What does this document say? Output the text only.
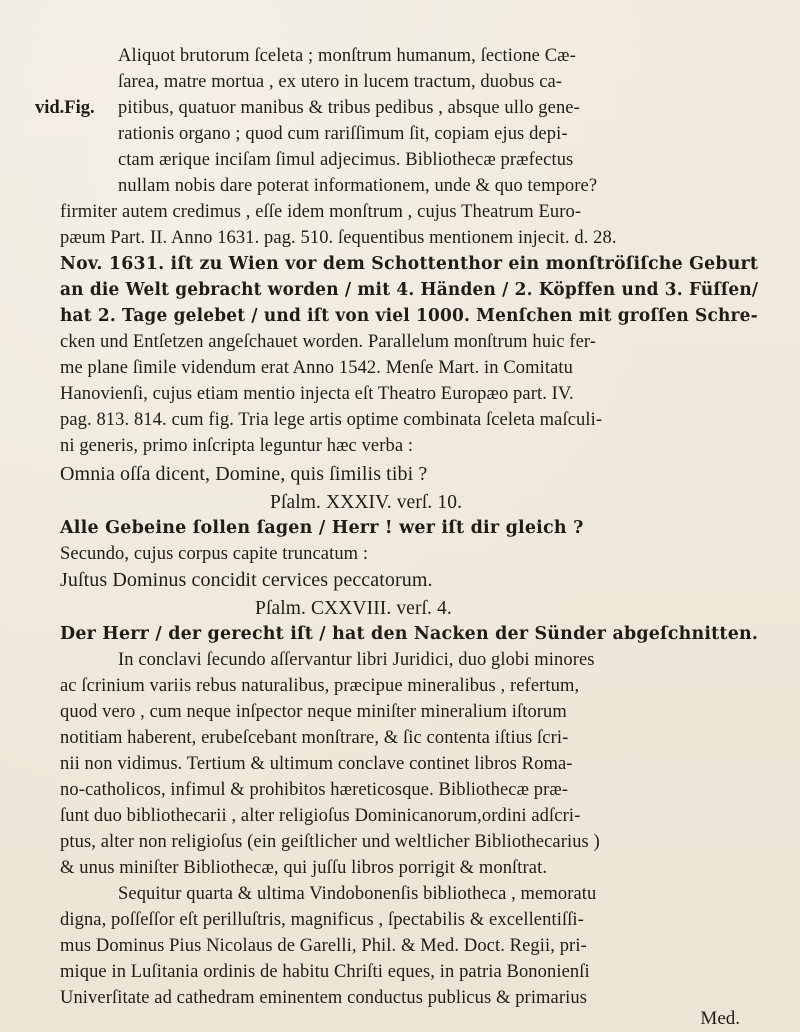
vid.Fig.
Aliquot brutorum ſceleta ; monſtrum humanum, ſectione Cæ-
ſarea, matre mortua , ex utero in lucem tractum, duobus ca-
pitibus, quatuor manibus & tribus pedibus , absque ullo gene-
rationis organo ; quod cum rariſſimum ſit, copiam ejus depi-
ctam ærique inciſam ſimul adjecimus. Bibliothecæ præfectus
nullam nobis dare poterat informationem, unde & quo tempore?
firmiter autem credimus , eſſe idem monſtrum , cujus Theatrum Euro-
pæum Part. II. Anno 1631. pag. 510. ſequentibus mentionem injecit. d. 28.
Nov. 1631. iſt zu Wien vor dem Schottenthor ein monſtröſiſche Geburt
an die Welt gebracht worden / mit 4. Händen / 2. Köpffen und 3. Füſſen/
hat 2. Tage gelebet / und iſt von viel 1000. Menſchen mit groſſen Schre-
cken und Entſetzen angeſchauet worden. Parallelum monſtrum huic fer-
me plane ſimile videndum erat Anno 1542. Menſe Mart. in Comitatu
Hanovienſi, cujus etiam mentio injecta eſt Theatro Europæo part. IV.
pag. 813. 814. cum fig. Tria lege artis optime combinata ſceleta maſculi-
ni generis, primo inſcripta leguntur hæc verba :
Omnia oſſa dicent, Domine, quis ſimilis tibi ?
Pſalm. XXXIV. verſ. 10.
Alle Gebeine ſollen ſagen / Herr ! wer iſt dir gleich ?
Secundo, cujus corpus capite truncatum :
Juſtus Dominus concidit cervices peccatorum.
Pſalm. CXXVIII. verſ. 4.
Der Herr / der gerecht iſt / hat den Nacken der Sünder abgeſchnitten.
In conclavi ſecundo aſſervantur libri Juridici, duo globi minores
ac ſcrinium variis rebus naturalibus, præcipue mineralibus , refertum,
quod vero , cum neque inſpector neque miniſter mineralium iſtorum
notitiam haberent, erubeſcebant monſtrare, & ſic contenta iſtius ſcri-
nii non vidimus. Tertium & ultimum conclave continet libros Roma-
no-catholicos, infimul & prohibitos hæreticosque. Bibliothecæ præ-
ſunt duo bibliothecarii , alter religioſus Dominicanorum,ordini adſcri-
ptus, alter non religioſus (ein geiſtlicher und weltlicher Bibliothecarius )
& unus miniſter Bibliothecæ, qui juſſu libros porrigit & monſtrat.
Sequitur quarta & ultima Vindobonenſis bibliotheca , memoratu
digna, poſſeſſor eſt perilluſtris, magnificus , ſpectabilis & excellentiſſi-
mus Dominus Pius Nicolaus de Garelli, Phil. & Med. Doct. Regii, pri-
mique in Luſitania ordinis de habitu Chriſti eques, in patria Bononienſi
Univerſitate ad cathedram eminentem conductus publicus & primarius
Med.
